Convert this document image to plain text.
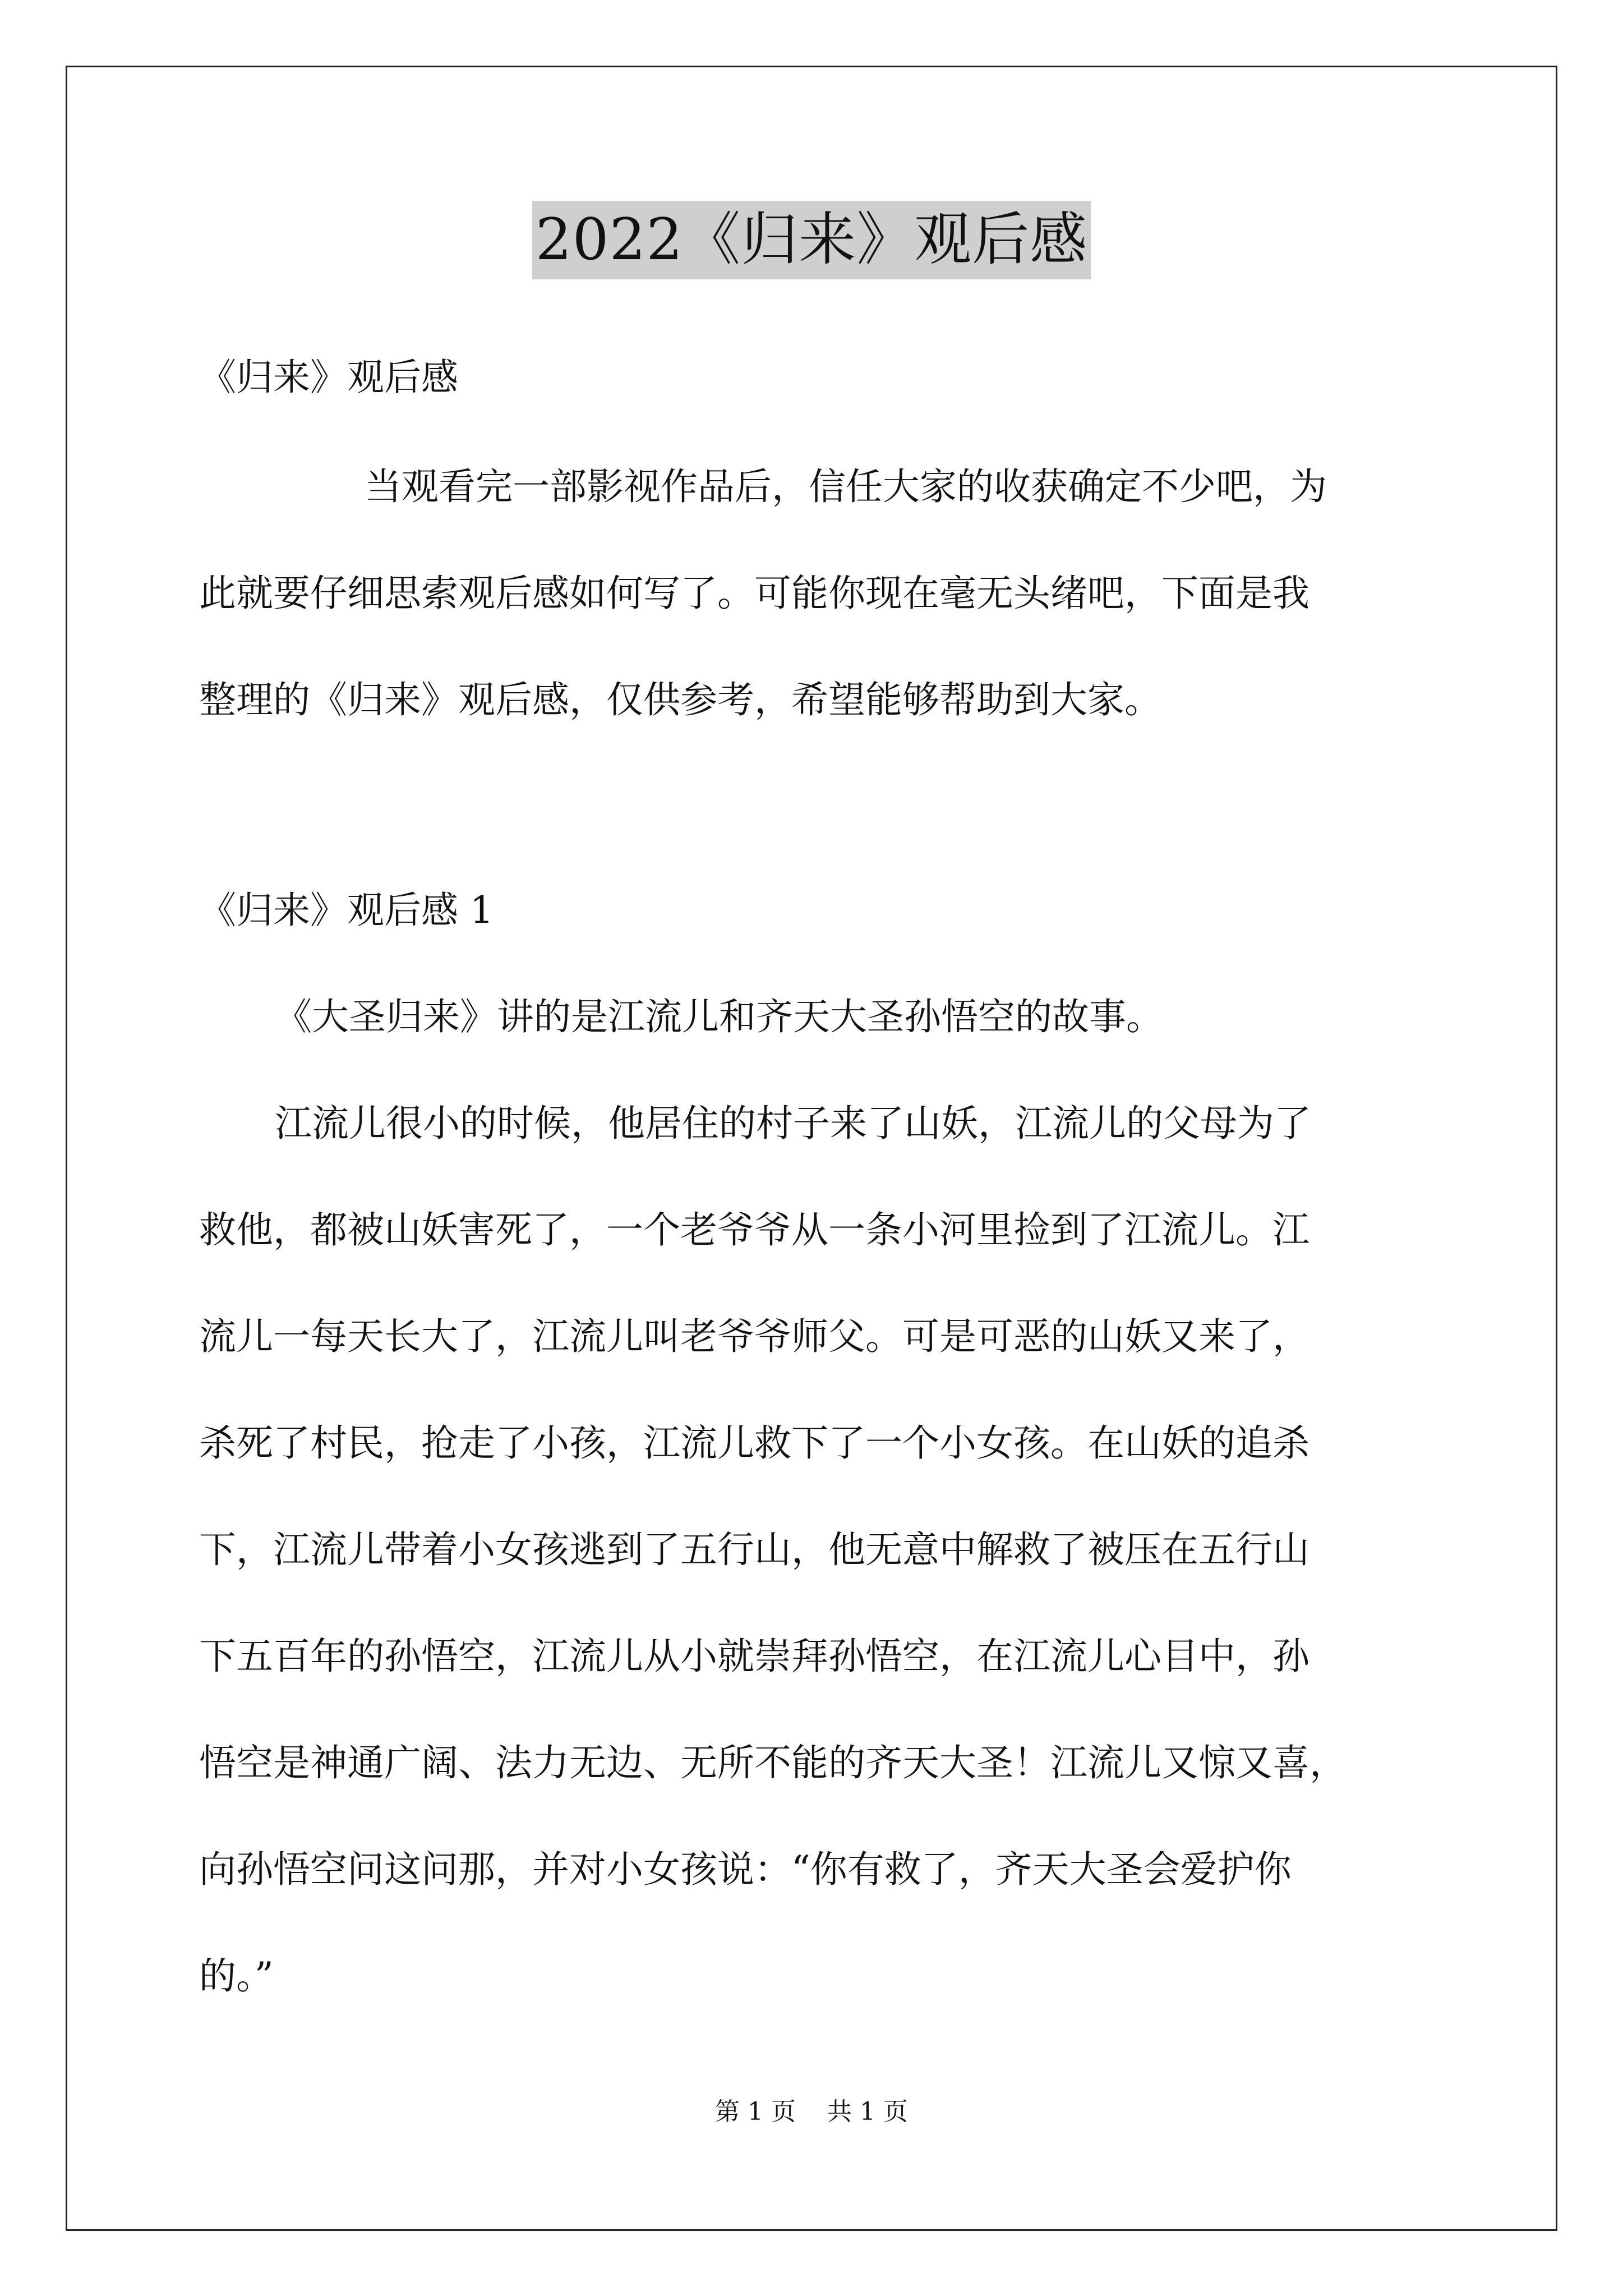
2022《归来》观后感
《归来》观后感
当观看完一部影视作品后，信任大家的收获确定不少吧，为
此就要仔细思索观后感如何写了。可能你现在毫无头绪吧，下面是我
整理的《归来》观后感，仅供参考，希望能够帮助到大家。
《归来》观后感 1
《大圣归来》讲的是江流儿和齐天大圣孙悟空的故事。
江流儿很小的时候，他居住的村子来了山妖，江流儿的父母为了
救他，都被山妖害死了，一个老爷爷从一条小河里捡到了江流儿。江
流儿一每天长大了，江流儿叫老爷爷师父。可是可恶的山妖又来了，
杀死了村民，抢走了小孩，江流儿救下了一个小女孩。在山妖的追杀
下，江流儿带着小女孩逃到了五行山，他无意中解救了被压在五行山
下五百年的孙悟空，江流儿从小就崇拜孙悟空，在江流儿心目中，孙
悟空是神通广阔、法力无边、无所不能的齐天大圣！江流儿又惊又喜，
向孙悟空问这问那，并对小女孩说：“你有救了，齐天大圣会爱护你
的。”
第 1 页 共 1 页
